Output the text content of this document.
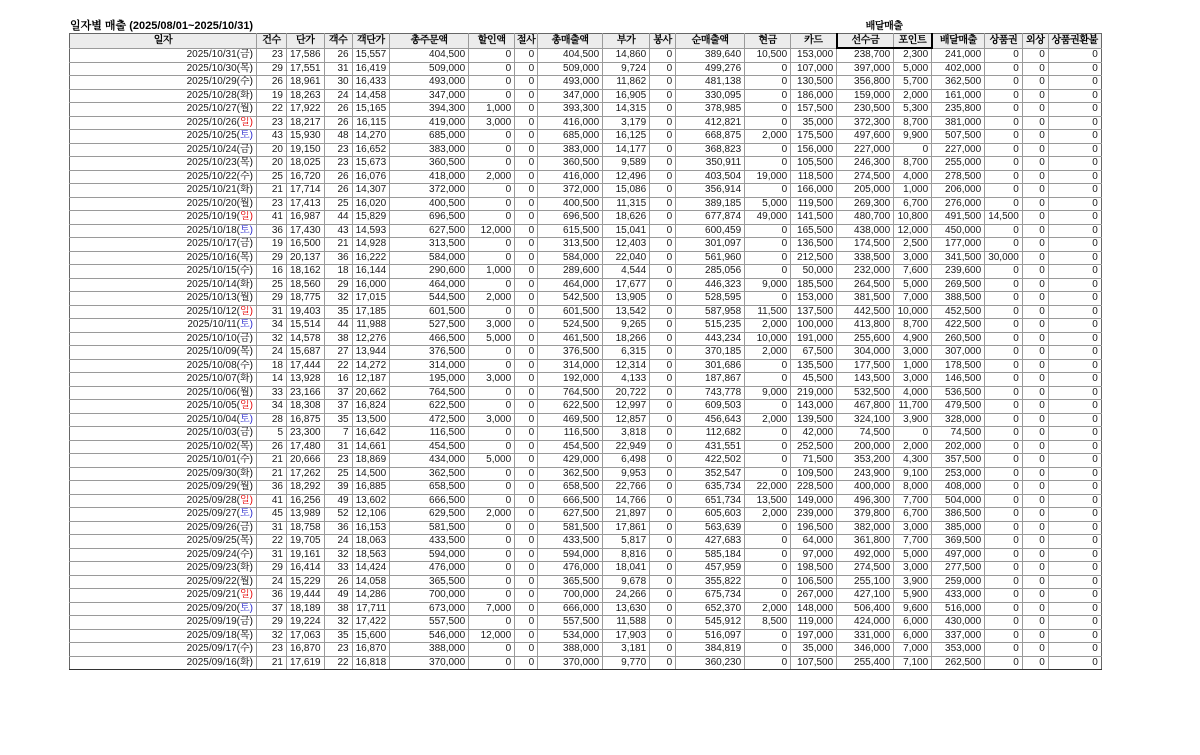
일자별 매출 (2025/08/01~2025/10/31)
														배달매출					
일자	건수	단가	객수	객단가	총주문액	할인액	절사	총매출액	부가	봉사	순매출액	현금	카드	선수금	포인트	배달매출	상품권	외상	상품권환불
2025/10/31(금)	23	17,586	26	15,557	404,500	0	0	404,500	14,860	0	389,640	10,500	153,000	238,700	2,300	241,000	0	0	0
2025/10/30(목)	29	17,551	31	16,419	509,000	0	0	509,000	9,724	0	499,276	0	107,000	397,000	5,000	402,000	0	0	0
2025/10/29(수)	26	18,961	30	16,433	493,000	0	0	493,000	11,862	0	481,138	0	130,500	356,800	5,700	362,500	0	0	0
2025/10/28(화)	19	18,263	24	14,458	347,000	0	0	347,000	16,905	0	330,095	0	186,000	159,000	2,000	161,000	0	0	0
2025/10/27(월)	22	17,922	26	15,165	394,300	1,000	0	393,300	14,315	0	378,985	0	157,500	230,500	5,300	235,800	0	0	0
2025/10/26(일)	23	18,217	26	16,115	419,000	3,000	0	416,000	3,179	0	412,821	0	35,000	372,300	8,700	381,000	0	0	0
2025/10/25(토)	43	15,930	48	14,270	685,000	0	0	685,000	16,125	0	668,875	2,000	175,500	497,600	9,900	507,500	0	0	0
2025/10/24(금)	20	19,150	23	16,652	383,000	0	0	383,000	14,177	0	368,823	0	156,000	227,000	0	227,000	0	0	0
2025/10/23(목)	20	18,025	23	15,673	360,500	0	0	360,500	9,589	0	350,911	0	105,500	246,300	8,700	255,000	0	0	0
2025/10/22(수)	25	16,720	26	16,076	418,000	2,000	0	416,000	12,496	0	403,504	19,000	118,500	274,500	4,000	278,500	0	0	0
2025/10/21(화)	21	17,714	26	14,307	372,000	0	0	372,000	15,086	0	356,914	0	166,000	205,000	1,000	206,000	0	0	0
2025/10/20(월)	23	17,413	25	16,020	400,500	0	0	400,500	11,315	0	389,185	5,000	119,500	269,300	6,700	276,000	0	0	0
2025/10/19(일)	41	16,987	44	15,829	696,500	0	0	696,500	18,626	0	677,874	49,000	141,500	480,700	10,800	491,500	14,500	0	0
2025/10/18(토)	36	17,430	43	14,593	627,500	12,000	0	615,500	15,041	0	600,459	0	165,500	438,000	12,000	450,000	0	0	0
2025/10/17(금)	19	16,500	21	14,928	313,500	0	0	313,500	12,403	0	301,097	0	136,500	174,500	2,500	177,000	0	0	0
2025/10/16(목)	29	20,137	36	16,222	584,000	0	0	584,000	22,040	0	561,960	0	212,500	338,500	3,000	341,500	30,000	0	0
2025/10/15(수)	16	18,162	18	16,144	290,600	1,000	0	289,600	4,544	0	285,056	0	50,000	232,000	7,600	239,600	0	0	0
2025/10/14(화)	25	18,560	29	16,000	464,000	0	0	464,000	17,677	0	446,323	9,000	185,500	264,500	5,000	269,500	0	0	0
2025/10/13(월)	29	18,775	32	17,015	544,500	2,000	0	542,500	13,905	0	528,595	0	153,000	381,500	7,000	388,500	0	0	0
2025/10/12(일)	31	19,403	35	17,185	601,500	0	0	601,500	13,542	0	587,958	11,500	137,500	442,500	10,000	452,500	0	0	0
2025/10/11(토)	34	15,514	44	11,988	527,500	3,000	0	524,500	9,265	0	515,235	2,000	100,000	413,800	8,700	422,500	0	0	0
2025/10/10(금)	32	14,578	38	12,276	466,500	5,000	0	461,500	18,266	0	443,234	10,000	191,000	255,600	4,900	260,500	0	0	0
2025/10/09(목)	24	15,687	27	13,944	376,500	0	0	376,500	6,315	0	370,185	2,000	67,500	304,000	3,000	307,000	0	0	0
2025/10/08(수)	18	17,444	22	14,272	314,000	0	0	314,000	12,314	0	301,686	0	135,500	177,500	1,000	178,500	0	0	0
2025/10/07(화)	14	13,928	16	12,187	195,000	3,000	0	192,000	4,133	0	187,867	0	45,500	143,500	3,000	146,500	0	0	0
2025/10/06(월)	33	23,166	37	20,662	764,500	0	0	764,500	20,722	0	743,778	9,000	219,000	532,500	4,000	536,500	0	0	0
2025/10/05(일)	34	18,308	37	16,824	622,500	0	0	622,500	12,997	0	609,503	0	143,000	467,800	11,700	479,500	0	0	0
2025/10/04(토)	28	16,875	35	13,500	472,500	3,000	0	469,500	12,857	0	456,643	2,000	139,500	324,100	3,900	328,000	0	0	0
2025/10/03(금)	5	23,300	7	16,642	116,500	0	0	116,500	3,818	0	112,682	0	42,000	74,500	0	74,500	0	0	0
2025/10/02(목)	26	17,480	31	14,661	454,500	0	0	454,500	22,949	0	431,551	0	252,500	200,000	2,000	202,000	0	0	0
2025/10/01(수)	21	20,666	23	18,869	434,000	5,000	0	429,000	6,498	0	422,502	0	71,500	353,200	4,300	357,500	0	0	0
2025/09/30(화)	21	17,262	25	14,500	362,500	0	0	362,500	9,953	0	352,547	0	109,500	243,900	9,100	253,000	0	0	0
2025/09/29(월)	36	18,292	39	16,885	658,500	0	0	658,500	22,766	0	635,734	22,000	228,500	400,000	8,000	408,000	0	0	0
2025/09/28(일)	41	16,256	49	13,602	666,500	0	0	666,500	14,766	0	651,734	13,500	149,000	496,300	7,700	504,000	0	0	0
2025/09/27(토)	45	13,989	52	12,106	629,500	2,000	0	627,500	21,897	0	605,603	2,000	239,000	379,800	6,700	386,500	0	0	0
2025/09/26(금)	31	18,758	36	16,153	581,500	0	0	581,500	17,861	0	563,639	0	196,500	382,000	3,000	385,000	0	0	0
2025/09/25(목)	22	19,705	24	18,063	433,500	0	0	433,500	5,817	0	427,683	0	64,000	361,800	7,700	369,500	0	0	0
2025/09/24(수)	31	19,161	32	18,563	594,000	0	0	594,000	8,816	0	585,184	0	97,000	492,000	5,000	497,000	0	0	0
2025/09/23(화)	29	16,414	33	14,424	476,000	0	0	476,000	18,041	0	457,959	0	198,500	274,500	3,000	277,500	0	0	0
2025/09/22(월)	24	15,229	26	14,058	365,500	0	0	365,500	9,678	0	355,822	0	106,500	255,100	3,900	259,000	0	0	0
2025/09/21(일)	36	19,444	49	14,286	700,000	0	0	700,000	24,266	0	675,734	0	267,000	427,100	5,900	433,000	0	0	0
2025/09/20(토)	37	18,189	38	17,711	673,000	7,000	0	666,000	13,630	0	652,370	2,000	148,000	506,400	9,600	516,000	0	0	0
2025/09/19(금)	29	19,224	32	17,422	557,500	0	0	557,500	11,588	0	545,912	8,500	119,000	424,000	6,000	430,000	0	0	0
2025/09/18(목)	32	17,063	35	15,600	546,000	12,000	0	534,000	17,903	0	516,097	0	197,000	331,000	6,000	337,000	0	0	0
2025/09/17(수)	23	16,870	23	16,870	388,000	0	0	388,000	3,181	0	384,819	0	35,000	346,000	7,000	353,000	0	0	0
2025/09/16(화)	21	17,619	22	16,818	370,000	0	0	370,000	9,770	0	360,230	0	107,500	255,400	7,100	262,500	0	0	0
